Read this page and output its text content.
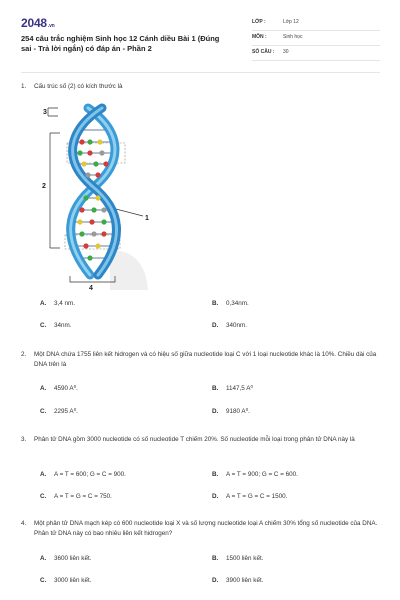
2048.vn
254 câu trắc nghiệm Sinh học 12 Cánh diều Bài 1 (Đúng
sai - Trả lời ngắn) có đáp án - Phần 2
LỚP :	Lớp 12
MÔN :	Sinh học
SỐ CÂU : 30
1. Cấu trúc số (2) có kích thước là
3
2
1
4
A. 3,4 nm.	B. 0,34nm.
C. 34nm.	D. 340nm.
2. Một DNA chứa 1755 liên kết hidrogen và có hiệu số giữa nucleotide loại C với 1 loại nucleotide khác là 10%. Chiều dài của DNA trên là
A. 4590 A⁰.	B. 1147,5 A⁰
C. 2295 A⁰.	D. 9180 A⁰.
3. Phân tử DNA gồm 3000 nucleotide có số nucleotide T chiếm 20%. Số nucleotide mỗi loại trong phân tử DNA này là
A. A = T = 600; G = C = 900.	B. A = T = 900; G = C = 600.
C. A = T = G = C = 750.	D. A = T = G = C = 1500.
4. Một phân tử DNA mạch kép có 600 nucleotide loại X và số lượng nucleotide loại A chiếm 30% tổng số nucleotide của DNA. Phân tử DNA này có bao nhiêu liên kết hidrogen?
A. 3600 liên kết.	B. 1500 liên kết.
C. 3000 liên kết.	D. 3900 liên kết.
